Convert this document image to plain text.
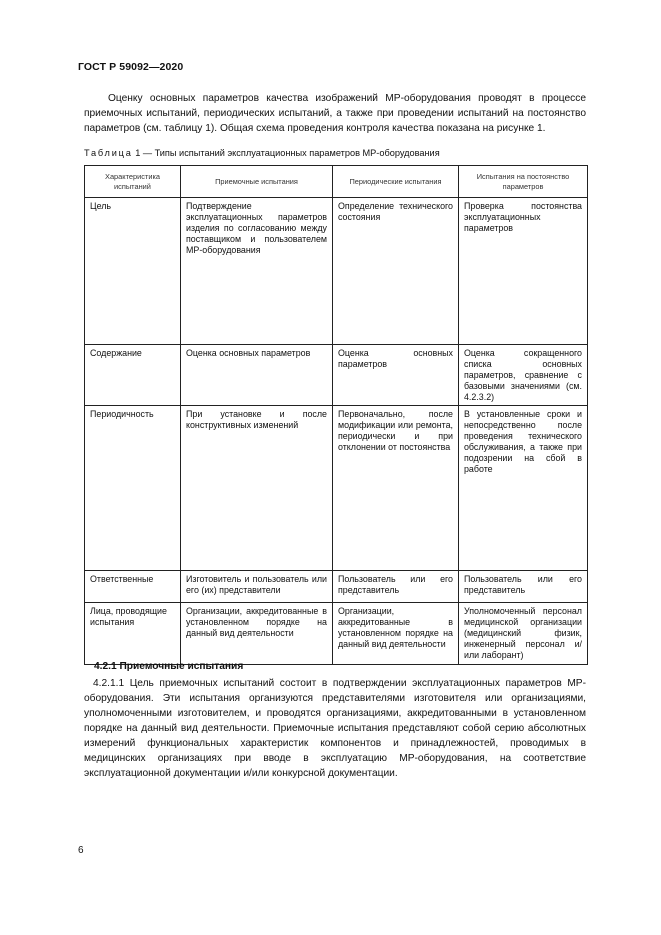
ГОСТ Р 59092—2020

Оценку основных параметров качества изображений МР-оборудования проводят в процессе приемочных испытаний, периодических испытаний, а также при проведении испытаний на постоянство параметров (см. таблицу 1). Общая схема проведения контроля качества показана на рисунке 1.

Таблица 1 — Типы испытаний эксплуатационных параметров МР-оборудования
Характеристика испытаний	Приемочные испытания	Периодические испытания	Испытания на постоянство параметров
Цель	Подтверждение эксплуатационных параметров изделия по согласованию между поставщиком и пользователем МР-оборудования	Определение технического состояния	Проверка постоянства эксплуатационных параметров
Содержание	Оценка основных параметров	Оценка основных параметров	Оценка сокращенного списка основных параметров, сравнение с базовыми значениями (см. 4.2.3.2)
Периодичность	При установке и после конструктивных изменений	Первоначально, после модификации или ремонта, периодически и при отклонении от постоянства	В установленные сроки и непосредственно после проведения технического обслуживания, а также при подозрении на сбой в работе
Ответственные	Изготовитель и пользователь или его (их) представители	Пользователь или его представитель	Пользователь или его представитель
Лица, проводящие испытания	Организации, аккредитованные в установленном порядке на данный вид деятельности	Организации, аккредитованные в установленном порядке на данный вид деятельности	Уполномоченный персонал медицинской организации (медицинский физик, инженерный персонал и/или лаборант)
4.2.1 Приемочные испытания

4.2.1.1 Цель приемочных испытаний состоит в подтверждении эксплуатационных параметров МР-оборудования. Эти испытания организуются представителями изготовителя или организациями, уполномоченными изготовителем, и проводятся организациями, аккредитованными в установленном порядке на данный вид деятельности. Приемочные испытания представляют собой серию абсолютных измерений функциональных характеристик компонентов и принадлежностей, проводимых в медицинских организациях при вводе в эксплуатацию МР-оборудования, на соответствие эксплуатационной документации и/или конкурсной документации.

6
